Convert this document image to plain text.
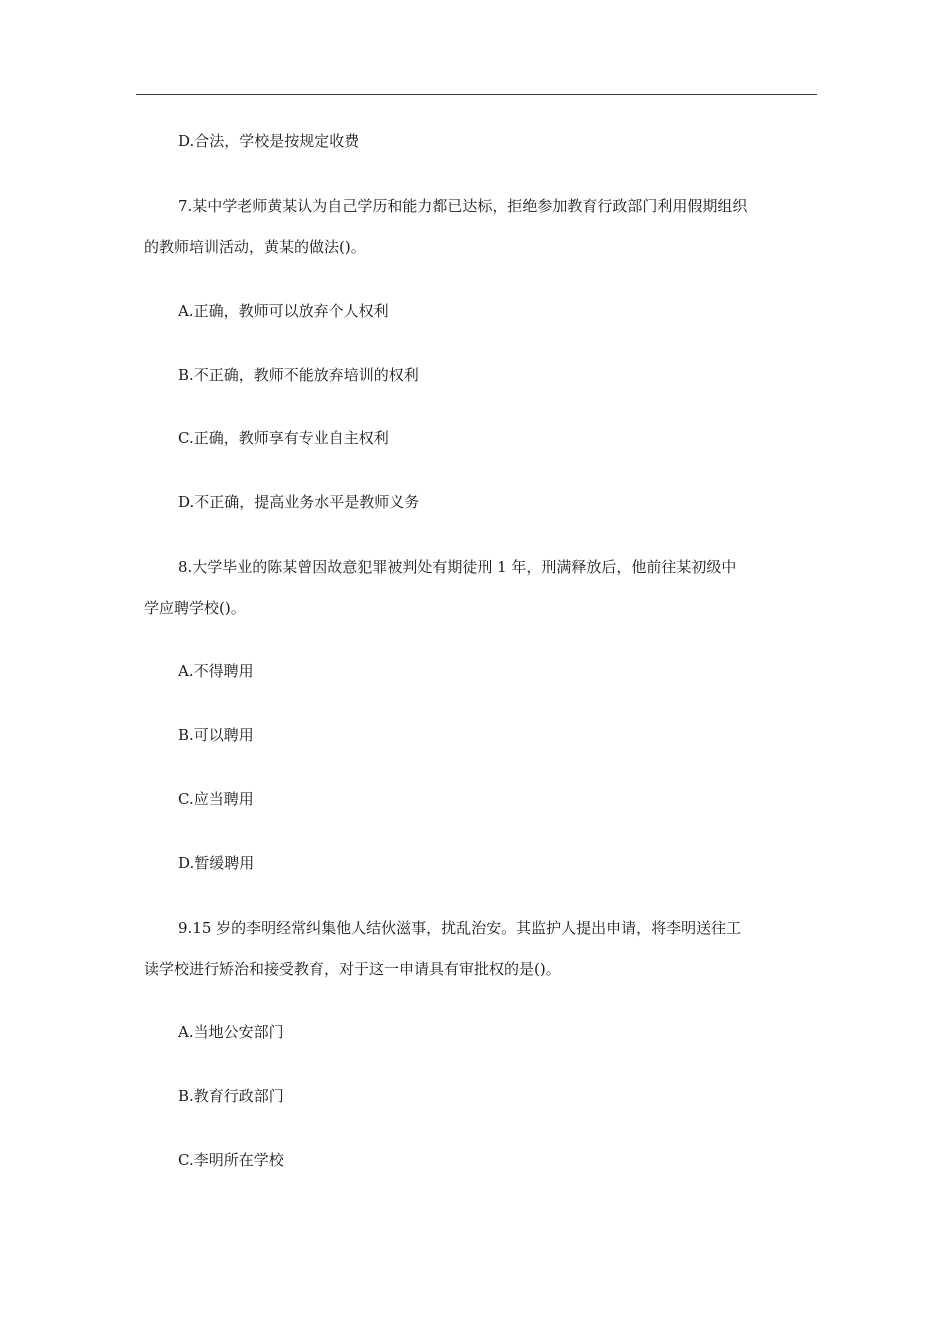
D.合法，学校是按规定收费
7.某中学老师黄某认为自己学历和能力都已达标，拒绝参加教育行政部门利用假期组织
的教师培训活动，黄某的做法()。
A.正确，教师可以放弃个人权利
B.不正确，教师不能放弃培训的权利
C.正确，教师享有专业自主权利
D.不正确，提高业务水平是教师义务
8.大学毕业的陈某曾因故意犯罪被判处有期徒刑 1 年，刑满释放后，他前往某初级中
学应聘学校()。
A.不得聘用
B.可以聘用
C.应当聘用
D.暂缓聘用
9.15 岁的李明经常纠集他人结伙滋事，扰乱治安。其监护人提出申请，将李明送往工
读学校进行矫治和接受教育，对于这一申请具有审批权的是()。
A.当地公安部门
B.教育行政部门
C.李明所在学校
